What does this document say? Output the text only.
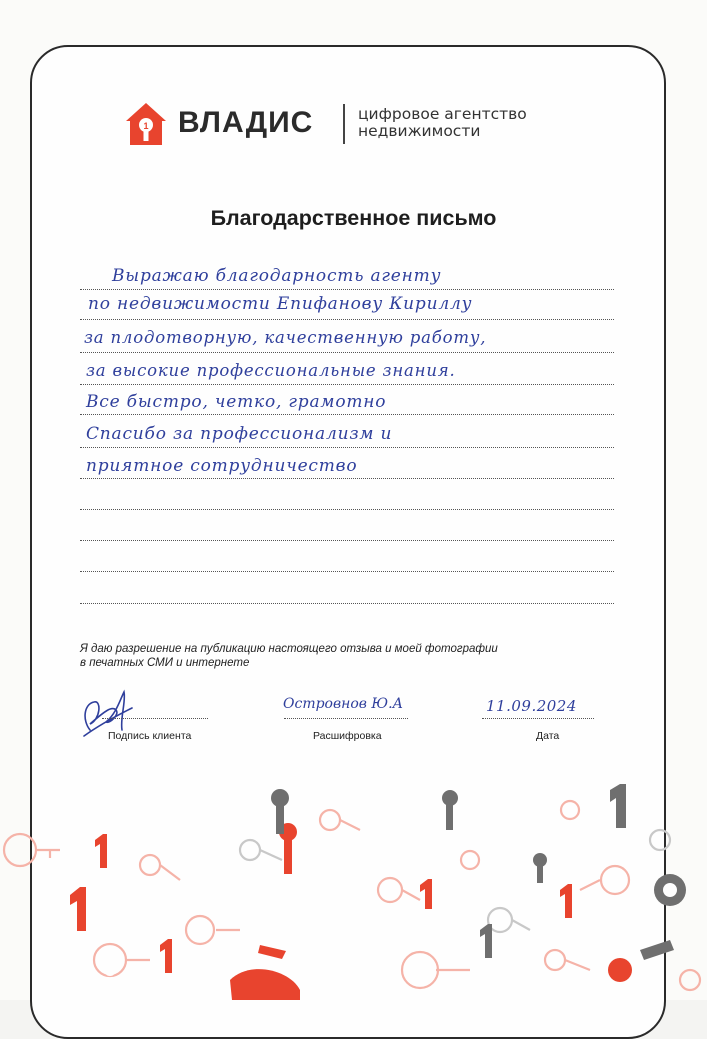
1 ВЛАДИС	цифровое агентство
недвижимости
Благодарственное письмо
Выражаю благодарность агенту
по недвижимости Епифанову Кириллу
за плодотворную, качественную работу,
за высокие профессиональные знания.
Все быстро, четко, грамотно
Спасибо за профессионализм и
приятное сотрудничество
Я даю разрешение на публикацию настоящего отзыва и моей фотографии
в печатных СМИ и интернете
Подпись клиента
Островнов Ю.А
Расшифровка
11.09.2024
Дата
